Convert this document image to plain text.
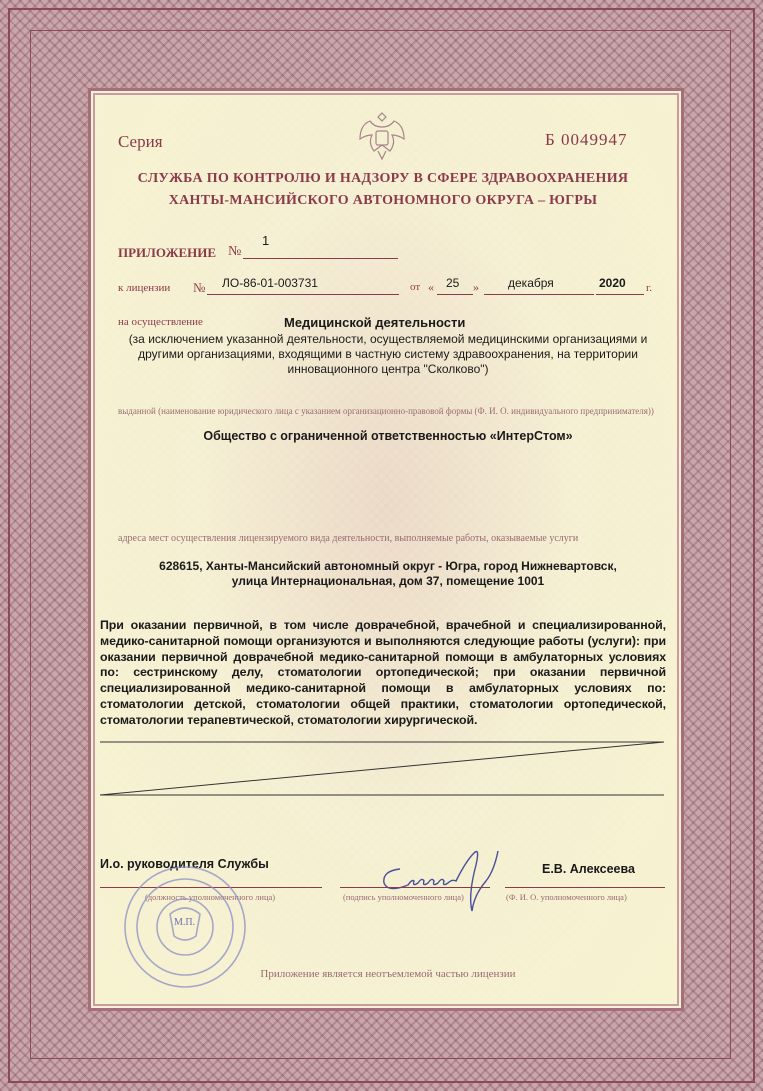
Серия	Б 0049947
СЛУЖБА ПО КОНТРОЛЮ И НАДЗОРУ В СФЕРЕ ЗДРАВООХРАНЕНИЯ
ХАНТЫ-МАНСИЙСКОГО АВТОНОМНОГО ОКРУГА – ЮГРЫ
ПРИЛОЖЕНИЕ №
1
к лицензии № ЛО-86-01-003731	от « 25 » декабря	2020 г.
на осуществление	Медицинской деятельности
(за исключением указанной деятельности, осуществляемой медицинскими организациями и другими организациями, входящими в частную систему здравоохранения, на территории инновационного центра "Сколково")
выданной (наименование юридического лица с указанием организационно-правовой формы (Ф. И. О. индивидуального предпринимателя))
Общество с ограниченной ответственностью «ИнтерСтом»
адреса мест осуществления лицензируемого вида деятельности, выполняемые работы, оказываемые услуги
628615, Ханты-Мансийский автономный округ - Югра, город Нижневартовск,
улица Интернациональная, дом 37, помещение 1001
При оказании первичной, в том числе доврачебной, врачебной и специализированной, медико-санитарной помощи организуются и выполняются следующие работы (услуги): при оказании первичной доврачебной медико-санитарной помощи в амбулаторных условиях по: сестринскому делу, стоматологии ортопедической; при оказании первичной специализированной медико-санитарной помощи в амбулаторных условиях по: стоматологии детской, стоматологии общей практики, стоматологии ортопедической, стоматологии терапевтической, стоматологии хирургической.
И.о. руководителя Службы
(должность уполномоченного лица)	(подпись уполномоченного лица)
Е.В. Алексеева
(Ф. И. О. уполномоченного лица)
М.П.
Приложение является неотъемлемой частью лицензии
